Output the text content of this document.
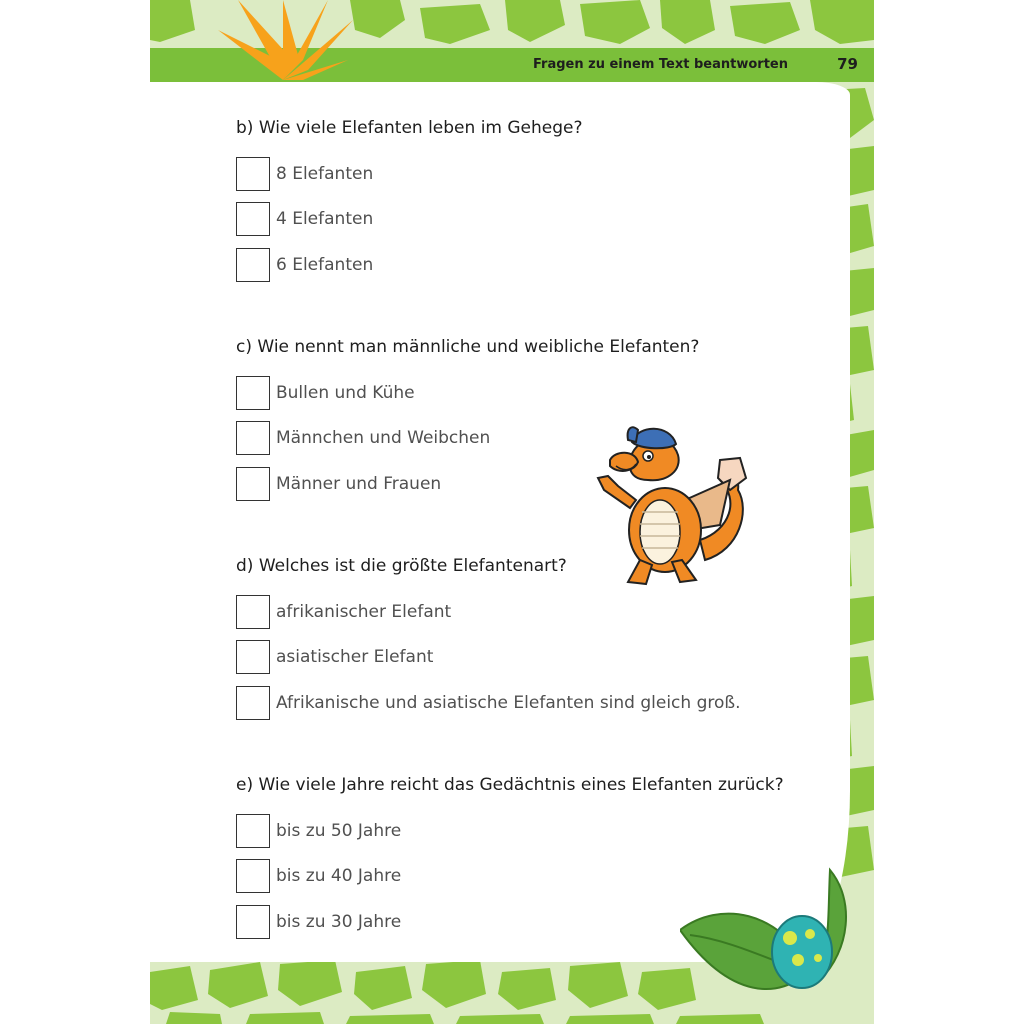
Fragen zu einem Text beantworten	79
b) Wie viele Elefanten leben im Gehege?
8 Elefanten
4 Elefanten
6 Elefanten
c) Wie nennt man männliche und weibliche Elefanten?
Bullen und Kühe
Männchen und Weibchen
Männer und Frauen
d) Welches ist die größte Elefantenart?
afrikanischer Elefant
asiatischer Elefant
Afrikanische und asiatische Elefanten sind gleich groß.
e) Wie viele Jahre reicht das Gedächtnis eines Elefanten zurück?
bis zu 50 Jahre
bis zu 40 Jahre
bis zu 30 Jahre
